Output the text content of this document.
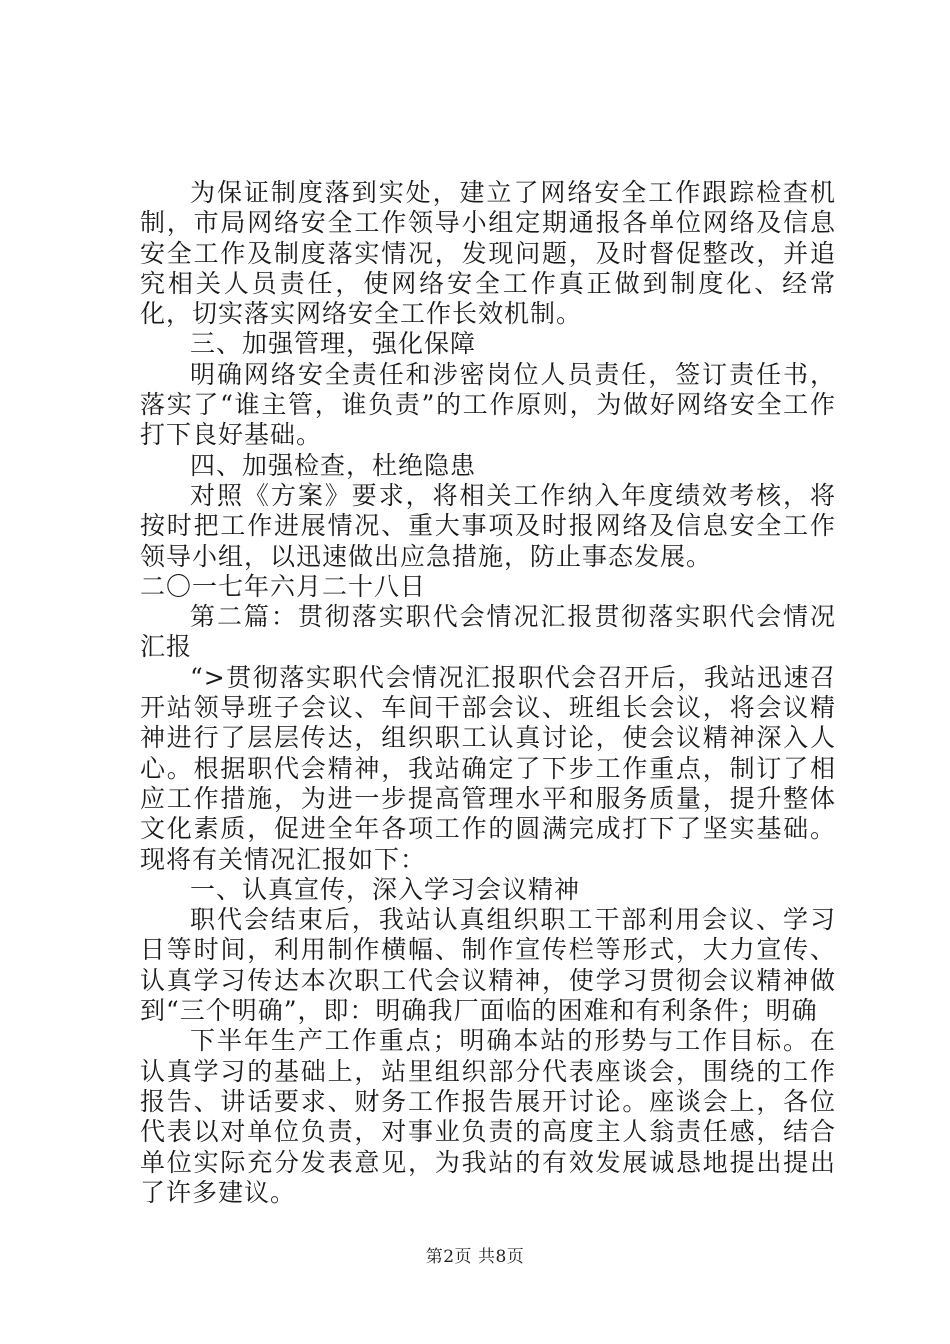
为保证制度落到实处，建立了网络安全工作跟踪检查机制，市局网络安全工作领导小组定期通报各单位网络及信息安全工作及制度落实情况，发现问题，及时督促整改，并追究相关人员责任，使网络安全工作真正做到制度化、经常化，切实落实网络安全工作长效机制。

三、加强管理，强化保障

明确网络安全责任和涉密岗位人员责任，签订责任书，落实了“谁主管，谁负责”的工作原则，为做好网络安全工作打下良好基础。

四、加强检查，杜绝隐患

对照《方案》要求，将相关工作纳入年度绩效考核，将按时把工作进展情况、重大事项及时报网络及信息安全工作领导小组，以迅速做出应急措施，防止事态发展。

二〇一七年六月二十八日

第二篇：贯彻落实职代会情况汇报贯彻落实职代会情况汇报

“>贯彻落实职代会情况汇报职代会召开后，我站迅速召开站领导班子会议、车间干部会议、班组长会议，将会议精神进行了层层传达，组织职工认真讨论，使会议精神深入人心。根据职代会精神，我站确定了下步工作重点，制订了相应工作措施，为进一步提高管理水平和服务质量，提升整体文化素质，促进全年各项工作的圆满完成打下了坚实基础。现将有关情况汇报如下：

一、认真宣传，深入学习会议精神

职代会结束后，我站认真组织职工干部利用会议、学习日等时间，利用制作横幅、制作宣传栏等形式，大力宣传、认真学习传达本次职工代会议精神，使学习贯彻会议精神做到“三个明确”，即：明确我厂面临的困难和有利条件；明确

下半年生产工作重点；明确本站的形势与工作目标。在认真学习的基础上，站里组织部分代表座谈会，围绕的工作报告、讲话要求、财务工作报告展开讨论。座谈会上，各位代表以对单位负责，对事业负责的高度主人翁责任感，结合单位实际充分发表意见，为我站的有效发展诚恳地提出提出了许多建议。

第2页 共8页
